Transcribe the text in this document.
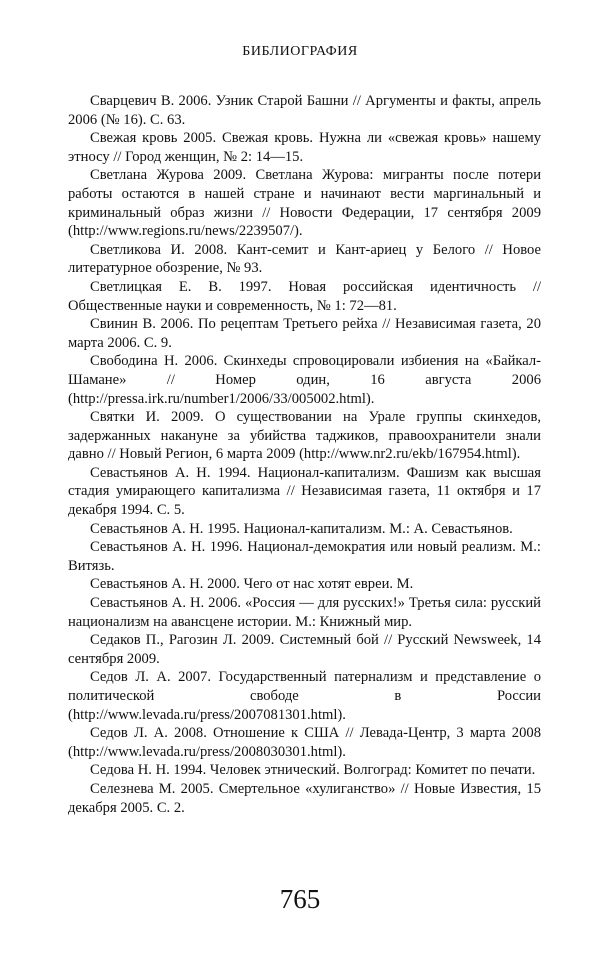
БИБЛИОГРАФИЯ

Сварцевич В. 2006. Узник Старой Башни // Аргументы и факты, апрель 2006 (№ 16). С. 63.

Свежая кровь 2005. Свежая кровь. Нужна ли «свежая кровь» нашему этносу // Город женщин, № 2: 14—15.

Светлана Журова 2009. Светлана Журова: мигранты после потери работы остаются в нашей стране и начинают вести маргинальный и криминальный образ жизни // Новости Федерации, 17 сентября 2009 (http://www.regions.ru/news/2239507/).

Светликова И. 2008. Кант-семит и Кант-ариец у Белого // Новое литературное обозрение, № 93.

Светлицкая Е. В. 1997. Новая российская идентичность // Общественные науки и современность, № 1: 72—81.

Свинин В. 2006. По рецептам Третьего рейха // Независимая газета, 20 марта 2006. С. 9.

Свободина Н. 2006. Скинхеды спровоцировали избиения на «Байкал-Шамане» // Номер один, 16 августа 2006 (http://pressa.irk.ru/number1/2006/33/005002.html).

Святки И. 2009. О существовании на Урале группы скинхедов, задержанных накануне за убийства таджиков, правоохранители знали давно // Новый Регион, 6 марта 2009 (http://www.nr2.ru/ekb/167954.html).

Севастьянов А. Н. 1994. Национал-капитализм. Фашизм как высшая стадия умирающего капитализма // Независимая газета, 11 октября и 17 декабря 1994. С. 5.

Севастьянов А. Н. 1995. Национал-капитализм. М.: А. Севастьянов.

Севастьянов А. Н. 1996. Национал-демократия или новый реализм. М.: Витязь.

Севастьянов А. Н. 2000. Чего от нас хотят евреи. М.

Севастьянов А. Н. 2006. «Россия — для русских!» Третья сила: русский национализм на авансцене истории. М.: Книжный мир.

Седаков П., Рагозин Л. 2009. Системный бой // Русский Newsweek, 14 сентября 2009.

Седов Л. А. 2007. Государственный патернализм и представление о политической свободе в России (http://www.levada.ru/press/2007081301.html).

Седов Л. А. 2008. Отношение к США // Левада-Центр, 3 марта 2008 (http://www.levada.ru/press/2008030301.html).

Седова Н. Н. 1994. Человек этнический. Волгоград: Комитет по печати.

Селезнева М. 2005. Смертельное «хулиганство» // Новые Известия, 15 декабря 2005. С. 2.

765
